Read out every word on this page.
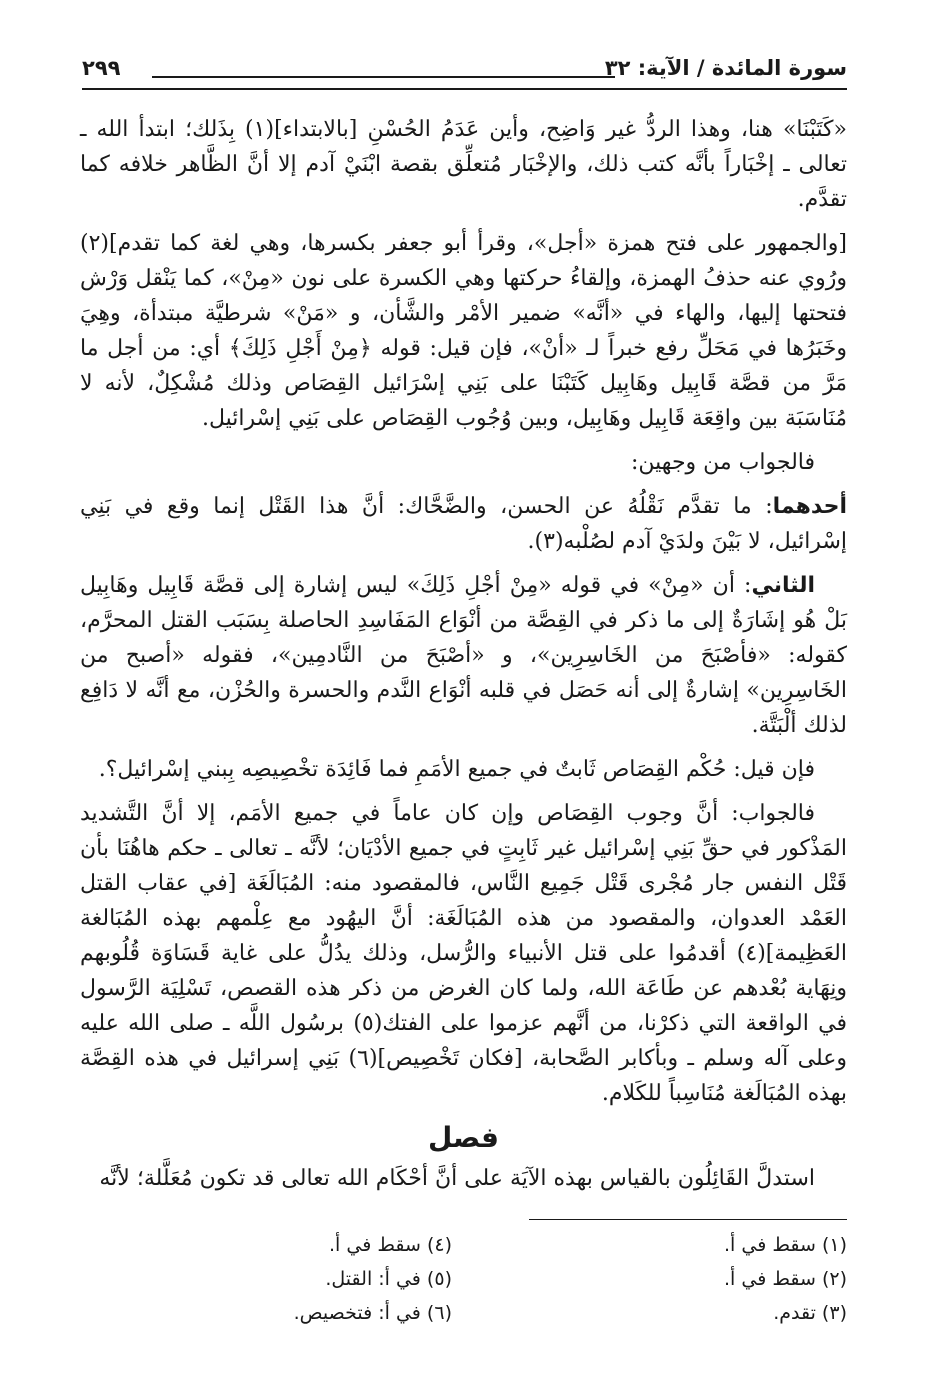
سورة المائدة / الآية: ٣٢
٢٩٩

«كَتَبْنَا» هنا، وهذا الردُّ غير وَاضِح، وأين عَدَمُ الحُسْنِ [بالابتداء](١) بِذَلك؛ ابتدأ الله ـ تعالى ـ إخْبَاراً بأنَّه كتب ذلك، والإخْبَار مُتعلِّق بقصة ابْنَيْ آدم إلا أنَّ الظَّاهر خلافه كما تقدَّم.

[والجمهور على فتح همزة «أجل»، وقرأ أبو جعفر بكسرها، وهي لغة كما تقدم](٢) ورُوي عنه حذفُ الهمزة، وإلقاءُ حركتها وهي الكسرة على نون «مِنْ»، كما يَنْقل وَرْش فتحتها إليها، والهاء في «أنَّه» ضمير الأمْر والشَّأن، و «مَنْ» شرطيَّة مبتدأة، وهِيَ وخَبَرُها في مَحَلِّ رفع خبراً لـ «أنْ»، فإن قيل: قوله ﴿مِنْ أَجْلِ ذَلِكَ﴾ أي: من أجل ما مَرَّ من قصَّة قَابِيل وهَابِيل كَتَبْنَا على بَنِي إسْرَائيل القِصَاص وذلك مُشْكِلٌ، لأنه لا مُنَاسَبَة بين واقِعَة قَابِيل وهَابِيل، وبين وُجُوب القِصَاص على بَنِي إسْرائيل.

فالجواب من وجهين:

أحدهما: ما تقدَّم نَقْلُهُ عن الحسن، والضَّحَّاك: أنَّ هذا القَتْل إنما وقع في بَنِي إسْرائيل، لا بَيْنَ ولدَيْ آدم لصُلْبه(٣).

الثاني: أن «مِنْ» في قوله «مِنْ أجْلِ ذَلِكَ» ليس إشارة إلى قصَّة قَابِيل وهَابِيل بَلْ هُو إشَارَةٌ إلى ما ذكر في القِصَّة من أنْوَاع المَفَاسِدِ الحاصلة بِسَبَب القتل المحرَّم، كقوله: «فأصْبَحَ من الخَاسِرِين»، و «أصْبَحَ من النَّادمِين»، فقوله «أصبح من الخَاسِرِين» إشارةٌ إلى أنه حَصَل في قلبه أنْوَاع النَّدم والحسرة والحُزْن، مع أنَّه لا دَافِع لذلك ألْبَتَّة.

فإن قيل: حُكْم القِصَاص ثَابتٌ في جميع الأمَمِ فما فَائِدَة تخْصِيصِه بِبني إسْرائيل؟.

فالجواب: أنَّ وجوب القِصَاص وإن كان عاماً في جميع الأمَم، إلا أنَّ التَّشديد المَذْكور في حقِّ بَنِي إسْرائيل غير ثَابِتٍ في جميع الأدْيَان؛ لأنَّه ـ تعالى ـ حكم هاهُنَا بأن قَتْل النفس جار مُجْرى قَتْل جَمِيع النَّاس، فالمقصود منه: المُبَالَغَة [في عقاب القتل العَمْد العدوان، والمقصود من هذه المُبَالَغَة: أنَّ اليهُود مع عِلْمهم بهذه المُبَالغة العَظِيمة](٤) أقدمُوا على قتل الأنبياء والرُّسل، وذلك يدُلُّ على غاية قَسَاوَة قُلُوبهم ونِهَاية بُعْدهم عن طَاعَة الله، ولما كان الغرض من ذكر هذه القصص، تَسْلِيَة الرَّسول في الواقعة التي ذكرْنا، من أنَّهم عزموا على الفتك(٥) برسُول اللَّه ـ صلى الله عليه وعلى آله وسلم ـ وبأكابر الصَّحابة، [فكان تَخْصِيص](٦) بَنِي إسرائيل في هذه القِصَّة بهذه المُبَالَغة مُنَاسِباً للكَلام.

فصل

استدلَّ القَائِلُون بالقياس بهذه الآيَة على أنَّ أحْكَام الله تعالى قد تكون مُعَلَّلة؛ لأنَّه

(١) سقط في أ.
(٢) سقط في أ.
(٣) تقدم.
(٤) سقط في أ.
(٥) في أ: القتل.
(٦) في أ: فتخصيص.
